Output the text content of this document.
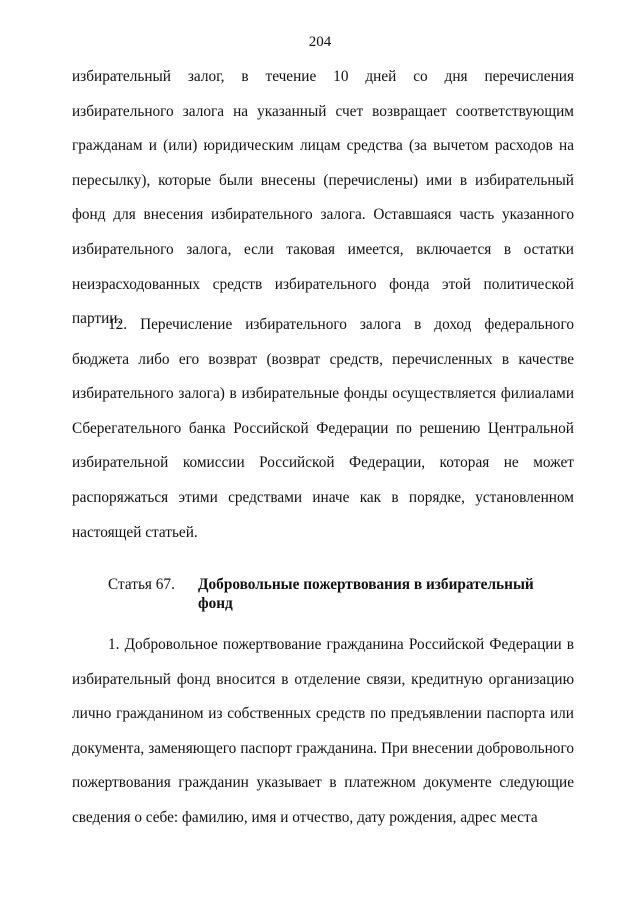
204

избирательный залог, в течение 10 дней со дня перечисления избирательного залога на указанный счет возвращает соответствующим гражданам и (или) юридическим лицам средства (за вычетом расходов на пересылку), которые были внесены (перечислены) ими в избирательный фонд для внесения избирательного залога. Оставшаяся часть указанного избирательного залога, если таковая имеется, включается в остатки неизрасходованных средств избирательного фонда этой политической партии.

12. Перечисление избирательного залога в доход федерального бюджета либо его возврат (возврат средств, перечисленных в качестве избирательного залога) в избирательные фонды осуществляется филиалами Сберегательного банка Российской Федерации по решению Центральной избирательной комиссии Российской Федерации, которая не может распоряжаться этими средствами иначе как в порядке, установленном настоящей статьей.

Статья 67. Добровольные пожертвования в избирательный фонд

1. Добровольное пожертвование гражданина Российской Федерации в избирательный фонд вносится в отделение связи, кредитную организацию лично гражданином из собственных средств по предъявлении паспорта или документа, заменяющего паспорт гражданина. При внесении добровольного пожертвования гражданин указывает в платежном документе следующие сведения о себе: фамилию, имя и отчество, дату рождения, адрес места
